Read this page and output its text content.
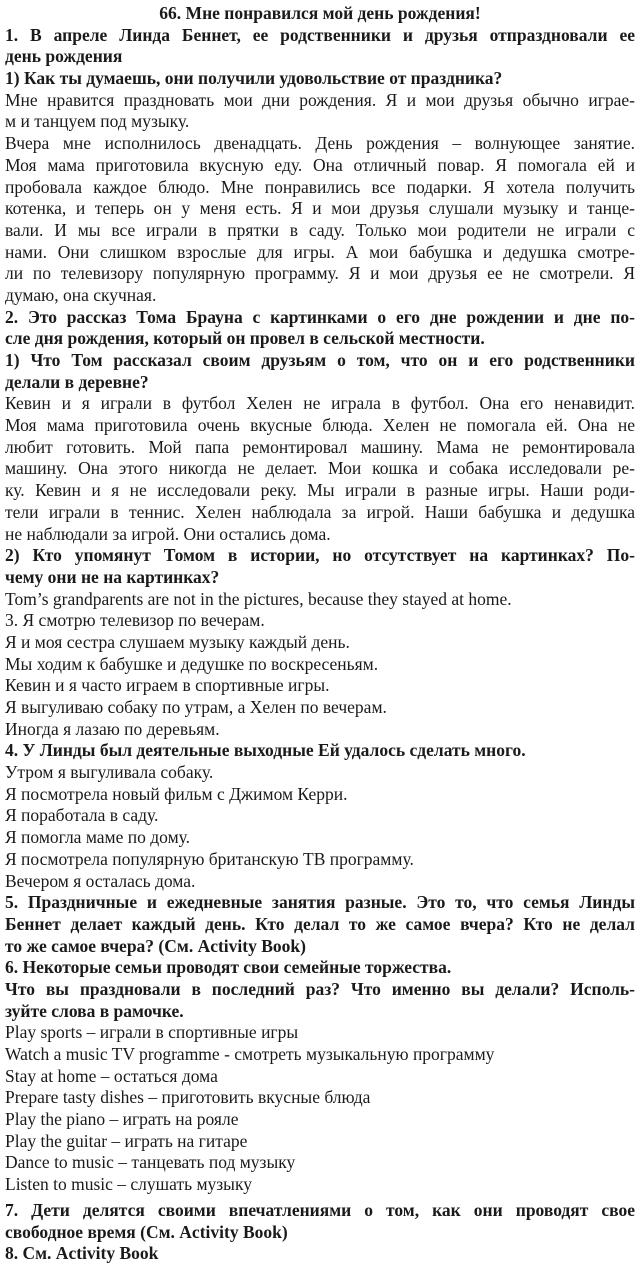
66. Мне понравился мой день рождения!
1. В апреле Линда Беннет, ее родственники и друзья отпраздновали ее
день рождения
1) Как ты думаешь, они получили удовольствие от праздника?
Мне нравится праздновать мои дни рождения. Я и мои друзья обычно играе-
м и танцуем под музыку.
Вчера мне исполнилось двенадцать. День рождения – волнующее занятие.
Моя мама приготовила вкусную еду. Она отличный повар. Я помогала ей и
пробовала каждое блюдо. Мне понравились все подарки. Я хотела получить
котенка, и теперь он у меня есть. Я и мои друзья слушали музыку и танце-
вали. И мы все играли в прятки в саду. Только мои родители не играли с
нами. Они слишком взрослые для игры. А мои бабушка и дедушка смотре-
ли по телевизору популярную программу. Я и мои друзья ее не смотрели. Я
думаю, она скучная.
2. Это рассказ Тома Брауна с картинками о его дне рождении и дне по-
сле дня рождения, который он провел в сельской местности.
1) Что Том рассказал своим друзьям о том, что он и его родственники
делали в деревне?
Кевин и я играли в футбол Хелен не играла в футбол. Она его ненавидит.
Моя мама приготовила очень вкусные блюда. Хелен не помогала ей. Она не
любит готовить. Мой папа ремонтировал машину. Мама не ремонтировала
машину. Она этого никогда не делает. Мои кошка и собака исследовали ре-
ку. Кевин и я не исследовали реку. Мы играли в разные игры. Наши роди-
тели играли в теннис. Хелен наблюдала за игрой. Наши бабушка и дедушка
не наблюдали за игрой. Они остались дома.
2) Кто упомянут Томом в истории, но отсутствует на картинках? По-
чему они не на картинках?
Tom’s grandparents are not in the pictures, because they stayed at home.
3. Я смотрю телевизор по вечерам.
Я и моя сестра слушаем музыку каждый день.
Мы ходим к бабушке и дедушке по воскресеньям.
Кевин и я часто играем в спортивные игры.
Я выгуливаю собаку по утрам, а Хелен по вечерам.
Иногда я лазаю по деревьям.
4. У Линды был деятельные выходные Ей удалось сделать много.
Утром я выгуливала собаку.
Я посмотрела новый фильм с Джимом Керри.
Я поработала в саду.
Я помогла маме по дому.
Я посмотрела популярную британскую ТВ программу.
Вечером я осталась дома.
5. Праздничные и ежедневные занятия разные. Это то, что семья Линды
Беннет делает каждый день. Кто делал то же самое вчера? Кто не делал
то же самое вчера? (См. Activity Book)
6. Некоторые семьи проводят свои семейные торжества.
Что вы праздновали в последний раз? Что именно вы делали? Исполь-
зуйте слова в рамочке.
Play sports – играли в спортивные игры
Watch a music TV programme - смотреть музыкальную программу
Stay at home – остаться дома
Prepare tasty dishes – приготовить вкусные блюда
Play the piano – играть на рояле
Play the guitar – играть на гитаре
Dance to music – танцевать под музыку
Listen to music – слушать музыку
7. Дети делятся своими впечатлениями о том, как они проводят свое
свободное время (См. Activity Book)
8. См. Activity Book
